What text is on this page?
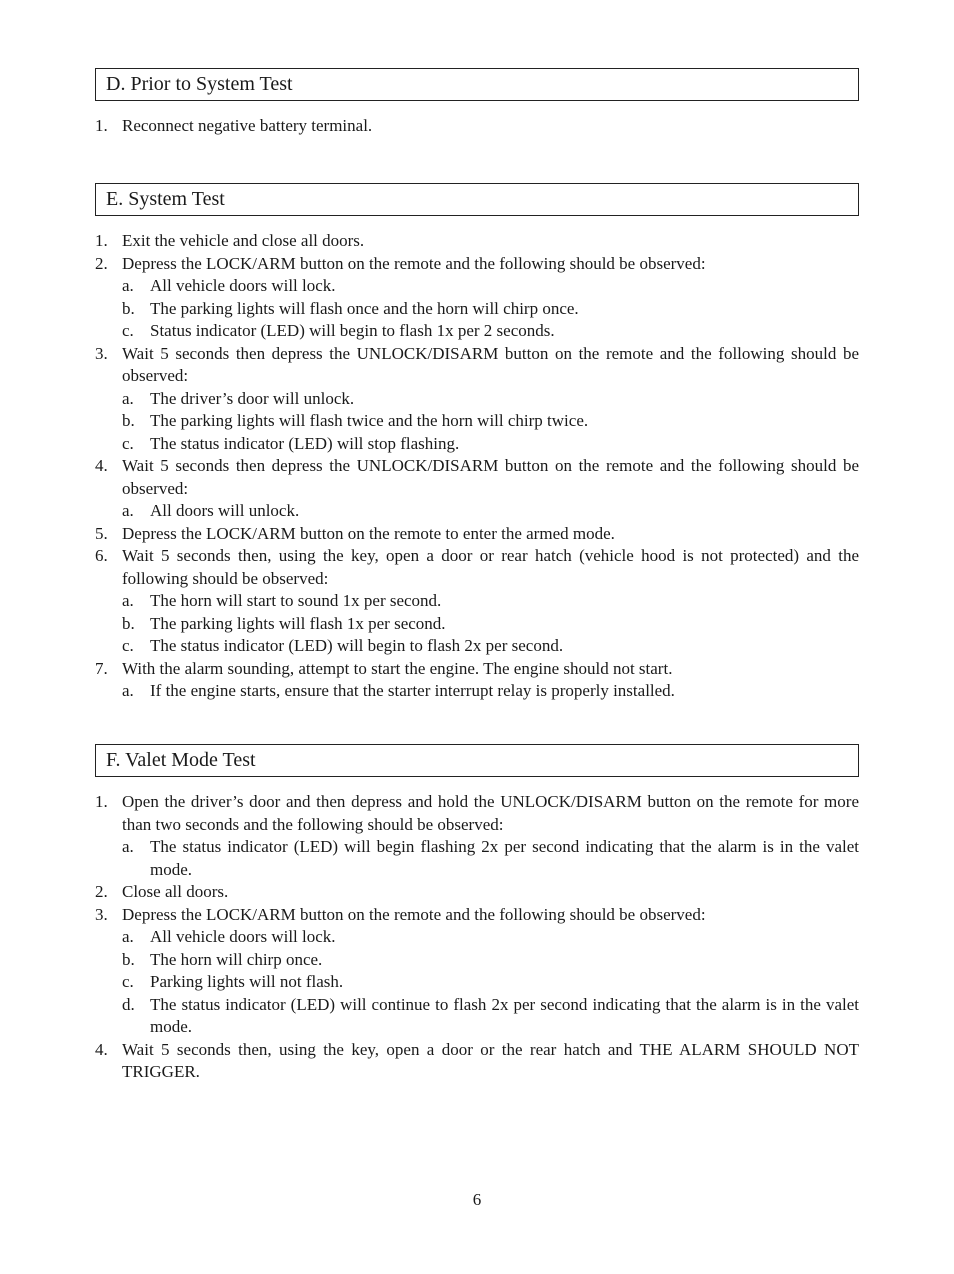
D. Prior to System Test
1. Reconnect negative battery terminal.
E. System Test
1. Exit the vehicle and close all doors.
2. Depress the LOCK/ARM button on the remote and the following should be observed:
a. All vehicle doors will lock.
b. The parking lights will flash once and the horn will chirp once.
c. Status indicator (LED) will begin to flash 1x per 2 seconds.
3. Wait 5 seconds then depress the UNLOCK/DISARM button on the remote and the following should be observed:
a. The driver’s door will unlock.
b. The parking lights will flash twice and the horn will chirp twice.
c. The status indicator (LED) will stop flashing.
4. Wait 5 seconds then depress the UNLOCK/DISARM button on the remote and the following should be observed:
a. All doors will unlock.
5. Depress the LOCK/ARM button on the remote to enter the armed mode.
6. Wait 5 seconds then, using the key, open a door or rear hatch (vehicle hood is not protected) and the following should be observed:
a. The horn will start to sound 1x per second.
b. The parking lights will flash 1x per second.
c. The status indicator (LED) will begin to flash 2x per second.
7. With the alarm sounding, attempt to start the engine. The engine should not start.
a. If the engine starts, ensure that the starter interrupt relay is properly installed.
F. Valet Mode Test
1. Open the driver’s door and then depress and hold the UNLOCK/DISARM button on the remote for more than two seconds and the following should be observed:
a. The status indicator (LED) will begin flashing 2x per second indicating that the alarm is in the valet mode.
2. Close all doors.
3. Depress the LOCK/ARM button on the remote and the following should be observed:
a. All vehicle doors will lock.
b. The horn will chirp once.
c. Parking lights will not flash.
d. The status indicator (LED) will continue to flash 2x per second indicating that the alarm is in the valet mode.
4. Wait 5 seconds then, using the key, open a door or the rear hatch and THE ALARM SHOULD NOT TRIGGER.
6
